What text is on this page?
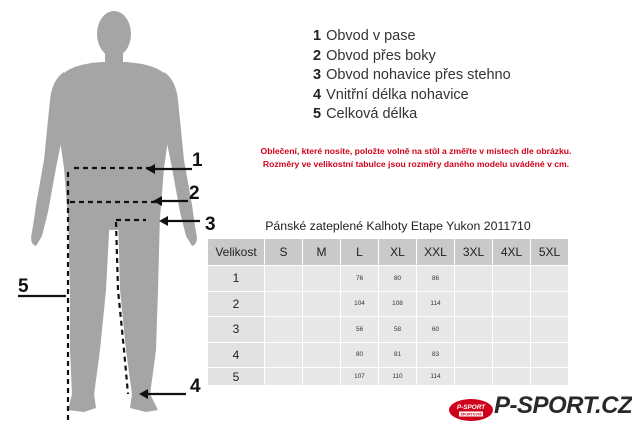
1
2
3
4
5
1 Obvod v pase
2 Obvod přes boky
3 Obvod nohavice přes stehno
4 Vnitřní délka nohavice
5 Celková délka
Oblečení, které nosíte, položte volně na stůl a změřte v místech dle obrázku.
Rozměry ve velikostní tabulce jsou rozměry daného modelu uváděné v cm.
Pánské zateplené Kalhoty Etape Yukon 2011710
Velikost	S	M	L	XL	XXL	3XL	4XL	5XL
1			76	80	86			
2			104	108	114			
3			56	58	60			
4			80	81	83			
5			107	110	114			
P-SPORT
SPORTOVNÍ P-SPORT.CZ
